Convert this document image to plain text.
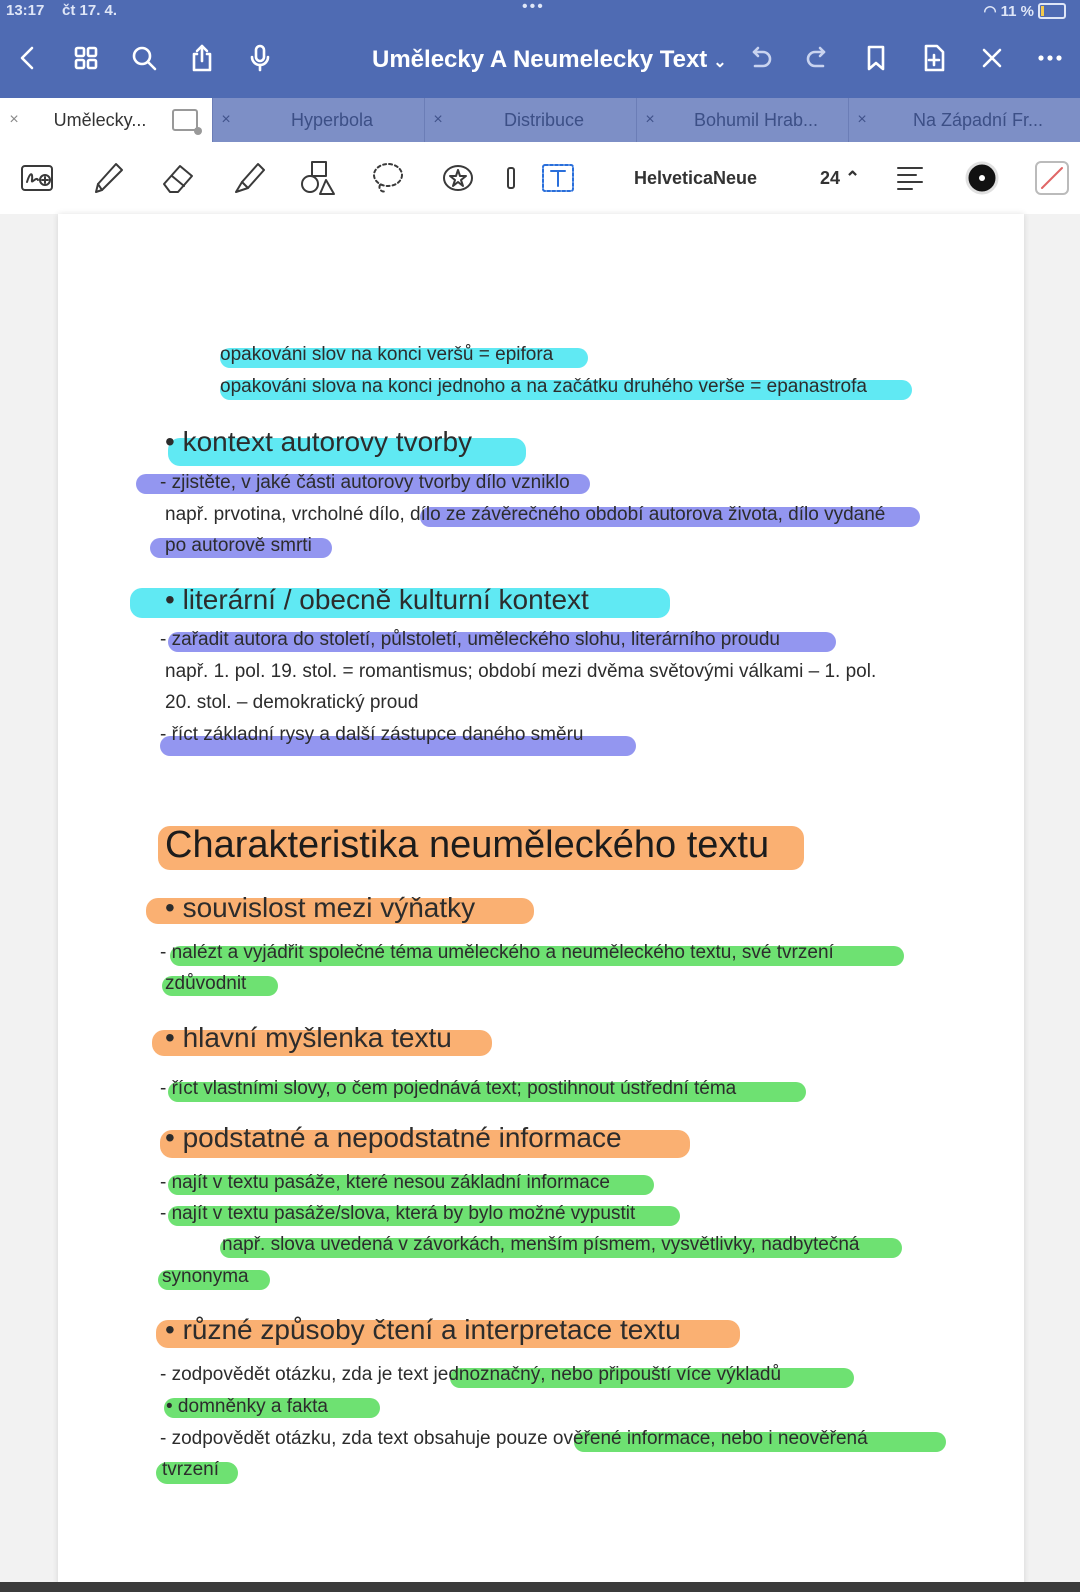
13:17 čt 17. 4.	•••	◠ 11 %
Umělecky A Neumelecky Text ⌄
×	Umělecky...	×	Hyperbola	×	Distribuce	×	Bohumil Hrab...	×	Na Západní Fr...
HelveticaNeue	24 ⌃
opakováni slov na konci veršů = epifora
opakováni slova na konci jednoho a na začátku druhého verše = epanastrofa
• kontext autorovy tvorby
- zjistěte, v jaké části autorovy tvorby dílo vzniklo
např. prvotina, vrcholné dílo, dílo ze závěrečného období autorova života, dílo vydané
po autorově smrti
• literární / obecně kulturní kontext
- zařadit autora do století, půlstoletí, uměleckého slohu, literárního proudu
např. 1. pol. 19. stol. = romantismus; období mezi dvěma světovými válkami – 1. pol.
20. stol. – demokratický proud
- říct základní rysy a další zástupce daného směru
Charakteristika neuměleckého textu
• souvislost mezi výňatky
- nalézt a vyjádřit společné téma uměleckého a neuměleckého textu, své tvrzení
zdůvodnit
• hlavní myšlenka textu
- říct vlastními slovy, o čem pojednává text; postihnout ústřední téma
• podstatné a nepodstatné informace
- najít v textu pasáže, které nesou základní informace
- najít v textu pasáže/slova, která by bylo možné vypustit
např. slova uvedená v závorkách, menším písmem, vysvětlivky, nadbytečná
synonyma
• různé způsoby čtení a interpretace textu
- zodpovědět otázku, zda je text jednoznačný, nebo připouští více výkladů
• domněnky a fakta
- zodpovědět otázku, zda text obsahuje pouze ověřené informace, nebo i neověřená
tvrzení
